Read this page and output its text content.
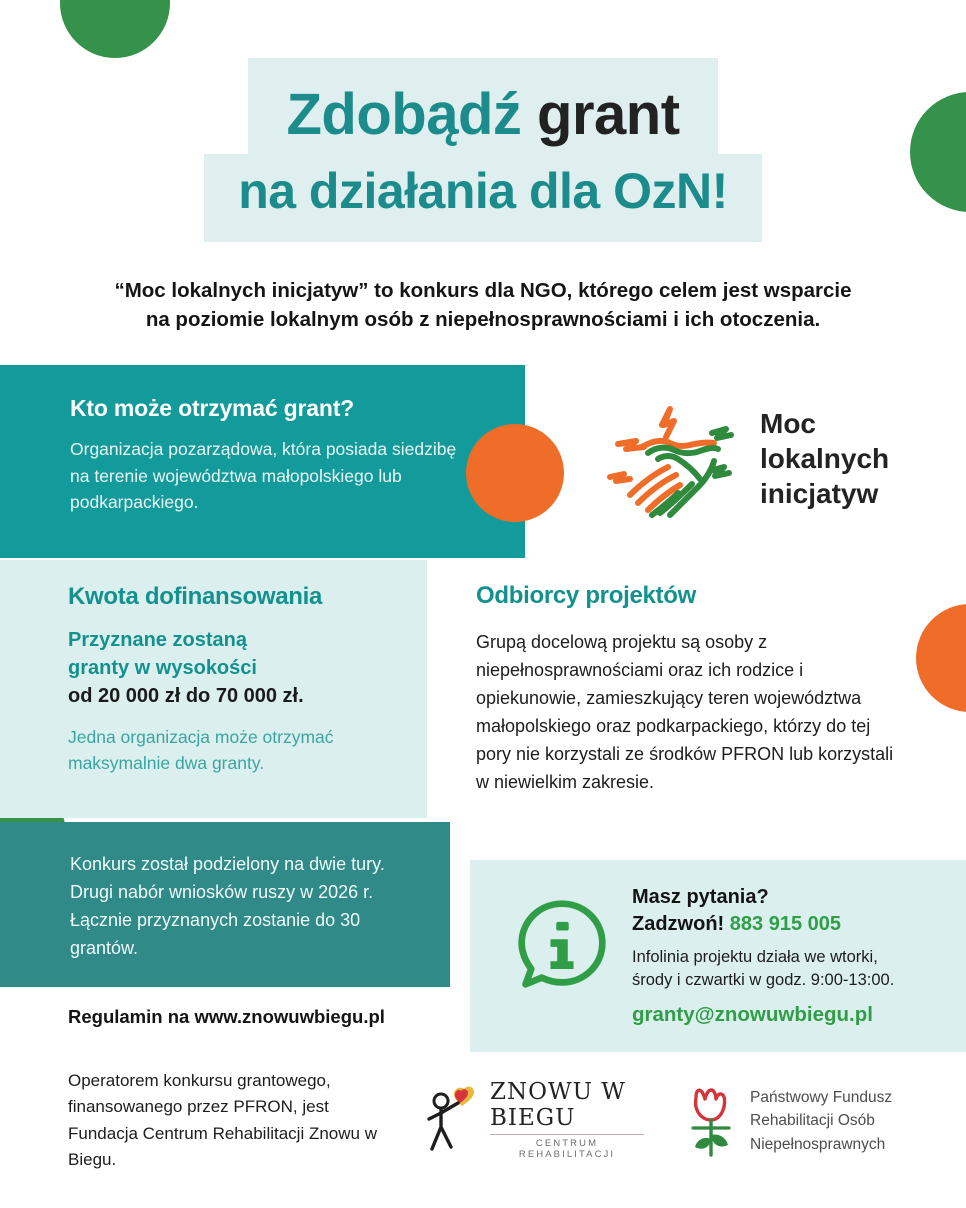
Zdobądź grant
na działania dla OzN!
“Moc lokalnych inicjatyw” to konkurs dla NGO, którego celem jest wsparcie
na poziomie lokalnym osób z niepełnosprawnościami i ich otoczenia.
Kto może otrzymać grant?
Organizacja pozarządowa, która posiada siedzibę na terenie województwa małopolskiego lub podkarpackiego.
Moc
lokalnych
inicjatyw
Kwota dofinansowania
Przyznane zostaną
granty w wysokości
od 20 000 zł do 70 000 zł.
Jedna organizacja może otrzymać maksymalnie dwa granty.
Konkurs został podzielony na dwie tury. Drugi nabór wniosków ruszy w 2026 r. Łącznie przyznanych zostanie do 30 grantów.
Regulamin na www.znowuwbiegu.pl
Odbiorcy projektów
Grupą docelową projektu są osoby z niepełnosprawnościami oraz ich rodzice i opiekunowie, zamieszkujący teren województwa małopolskiego oraz podkarpackiego, którzy do tej pory nie korzystali ze środków PFRON lub korzystali w niewielkim zakresie.
Masz pytania?
Zadzwoń! 883 915 005
Infolinia projektu działa we wtorki,
środy i czwartki w godz. 9:00-13:00.
granty@znowuwbiegu.pl
Operatorem konkursu grantowego, finansowanego przez PFRON, jest Fundacja Centrum Rehabilitacji Znowu w Biegu.
ZNOWU W BIEGU
CENTRUM REHABILITACJI
Państwowy Fundusz
Rehabilitacji Osób
Niepełnosprawnych
